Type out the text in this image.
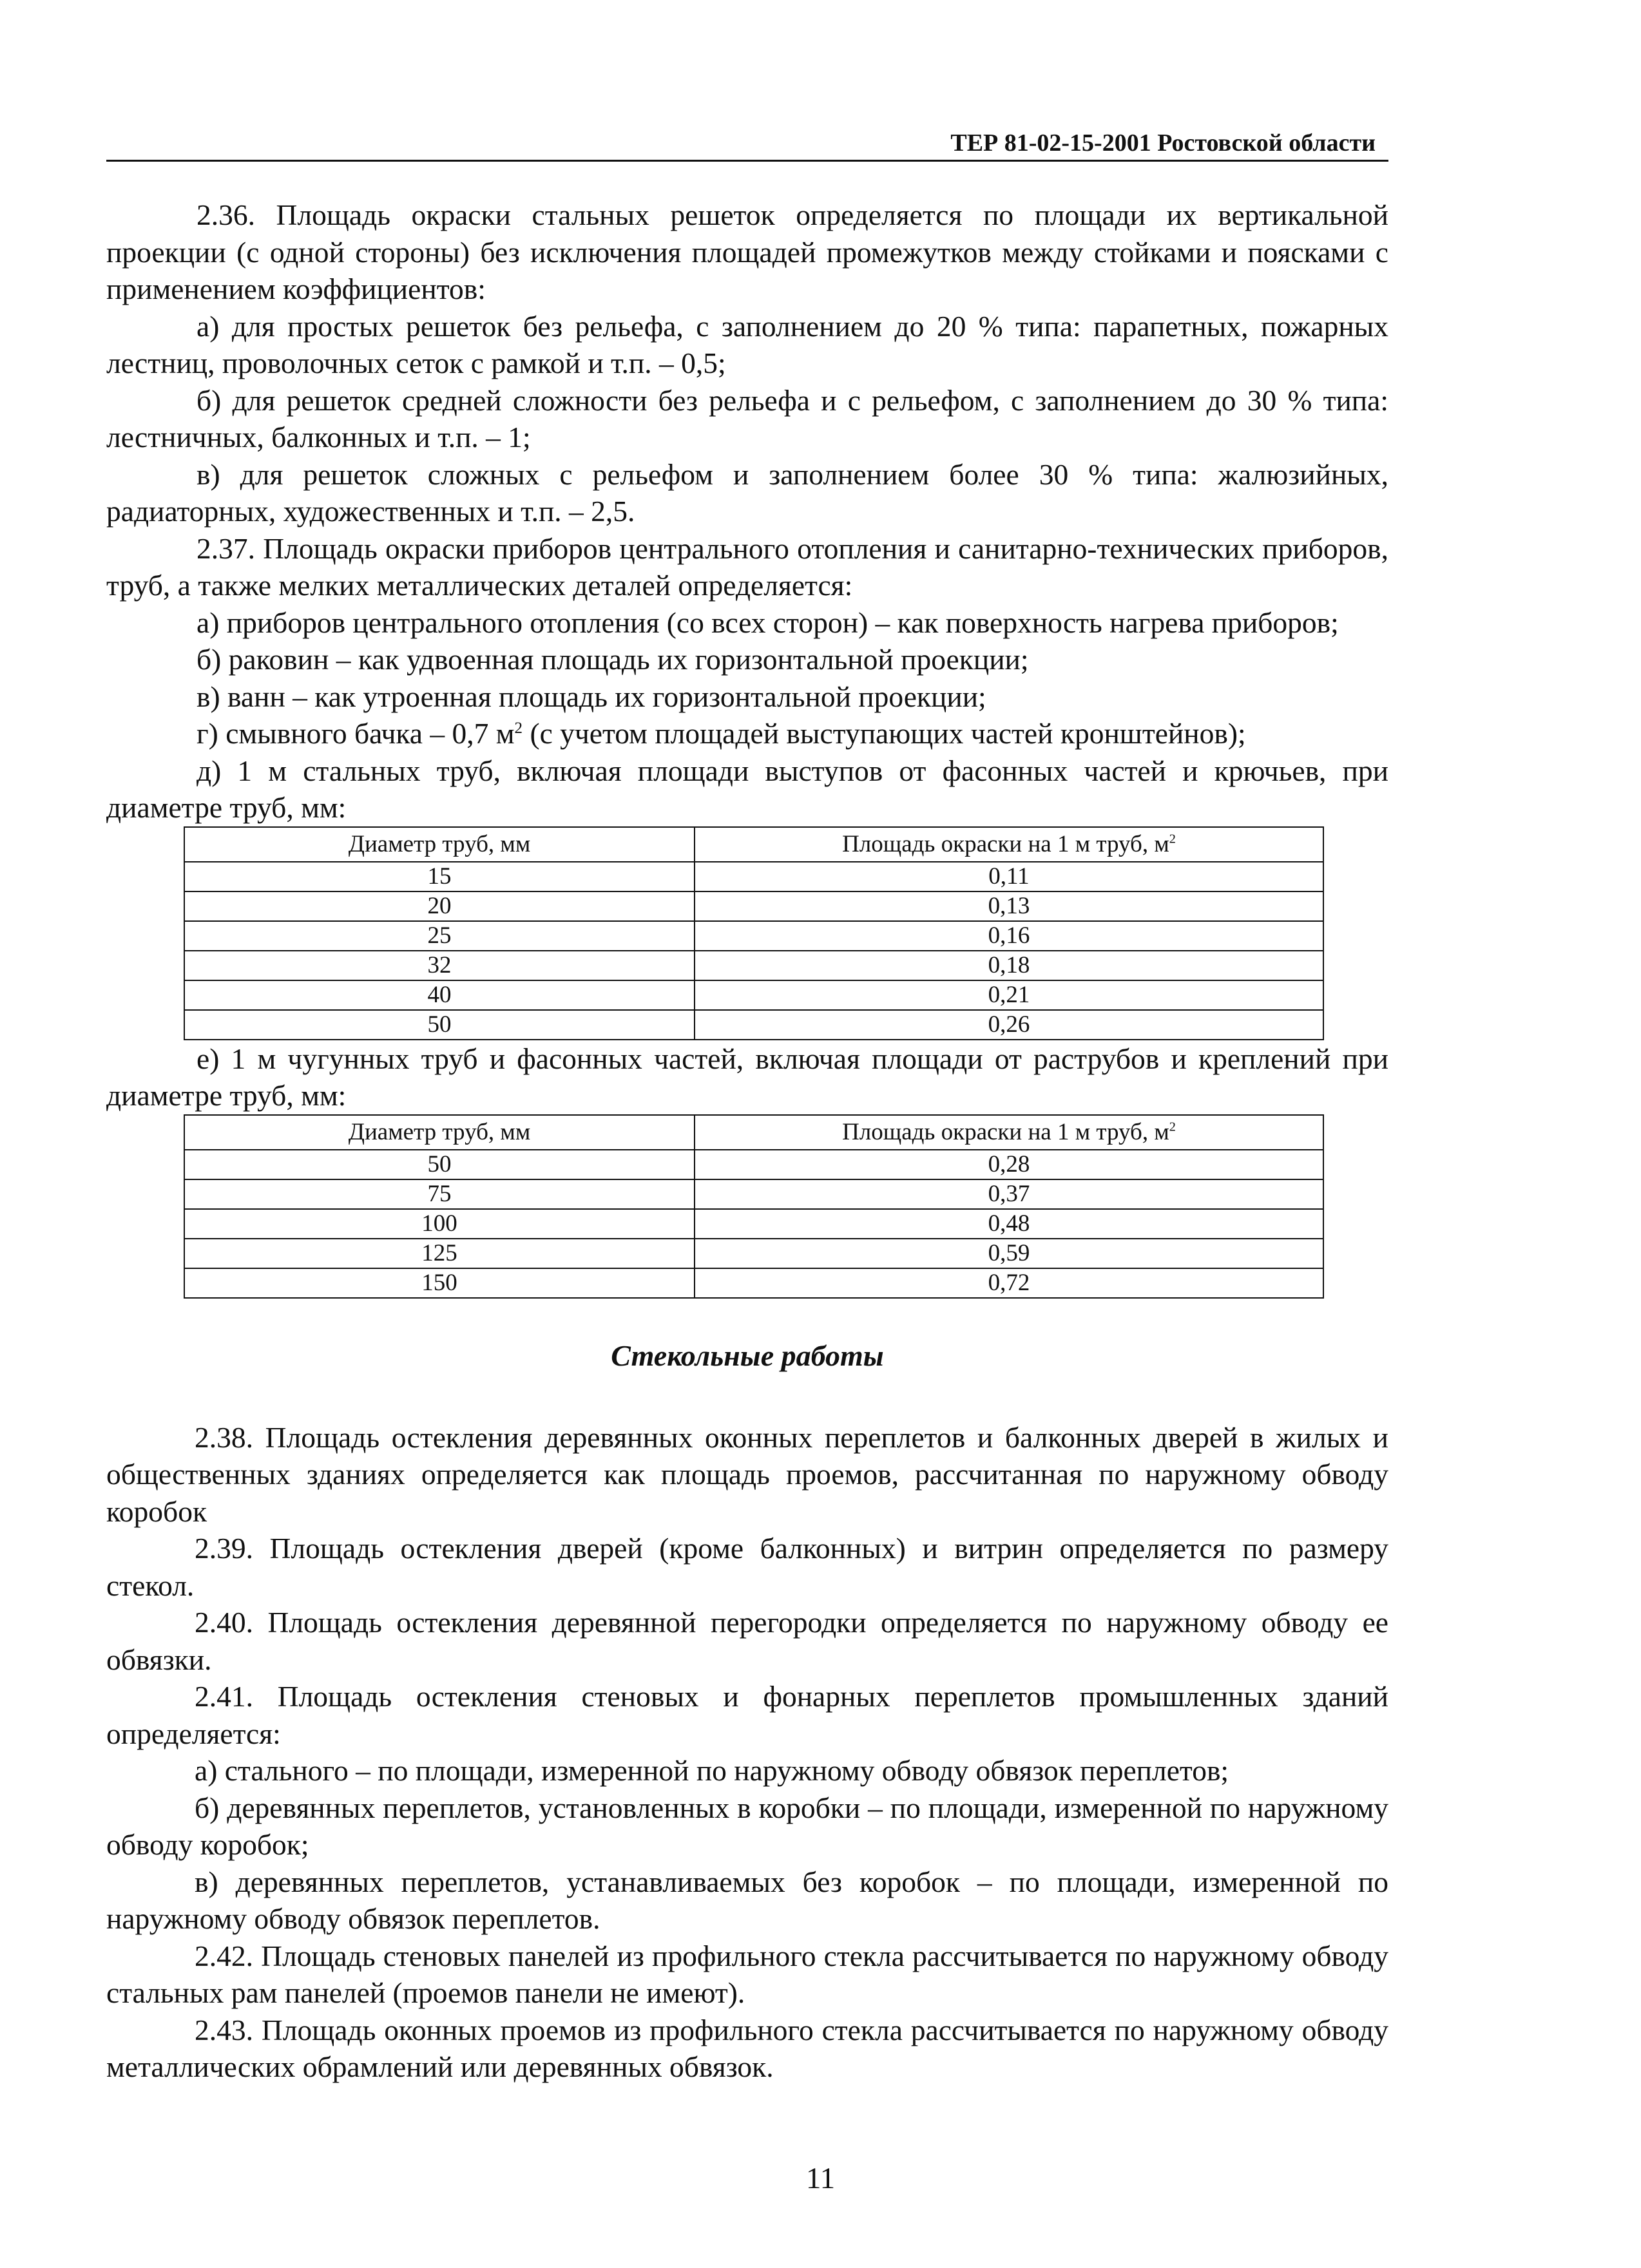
ТЕР 81-02-15-2001 Ростовской области

2.36. Площадь окраски стальных решеток определяется по площади их вертикальной проекции (с одной стороны) без исключения площадей промежутков между стойками и поясками с применением коэффициентов:

а) для простых решеток без рельефа, с заполнением до 20 % типа: парапетных, пожарных лестниц, проволочных сеток с рамкой и т.п. – 0,5;

б) для решеток средней сложности без рельефа и с рельефом, с заполнением до 30 % типа: лестничных, балконных и т.п. – 1;

в) для решеток сложных с рельефом и заполнением более 30 % типа: жалюзийных, радиаторных, художественных и т.п. – 2,5.

2.37. Площадь окраски приборов центрального отопления и санитарно-технических приборов, труб, а также мелких металлических деталей определяется:

а) приборов центрального отопления (со всех сторон) – как поверхность нагрева приборов;

б) раковин – как удвоенная площадь их горизонтальной проекции;

в) ванн – как утроенная площадь их горизонтальной проекции;

г) смывного бачка – 0,7 $м^2$ (с учетом площадей выступающих частей кронштейнов);

д) 1 м стальных труб, включая площади выступов от фасонных частей и крючьев, при диаметре труб, мм:

Диаметр труб, мм	Площадь окраски на 1 м труб, $м^2$
15	0,11
20	0,13
25	0,16
32	0,18
40	0,21
50	0,26

е) 1 м чугунных труб и фасонных частей, включая площади от раструбов и креплений при диаметре труб, мм:

Диаметр труб, мм	Площадь окраски на 1 м труб, $м^2$
50	0,28
75	0,37
100	0,48
125	0,59
150	0,72
Стекольные работы

2.38. Площадь остекления деревянных оконных переплетов и балконных дверей в жилых и общественных зданиях определяется как площадь проемов, рассчитанная по наружному обводу коробок

2.39. Площадь остекления дверей (кроме балконных) и витрин определяется по размеру стекол.

2.40. Площадь остекления деревянной перегородки определяется по наружному обводу ее обвязки.

2.41. Площадь остекления стеновых и фонарных переплетов промышленных зданий определяется:

а) стального – по площади, измеренной по наружному обводу обвязок переплетов;

б) деревянных переплетов, установленных в коробки – по площади, измеренной по наружному обводу коробок;

в) деревянных переплетов, устанавливаемых без коробок – по площади, измеренной по наружному обводу обвязок переплетов.

2.42. Площадь стеновых панелей из профильного стекла рассчитывается по наружному обводу стальных рам панелей (проемов панели не имеют).

2.43. Площадь оконных проемов из профильного стекла рассчитывается по наружному обводу металлических обрамлений или деревянных обвязок.

11
